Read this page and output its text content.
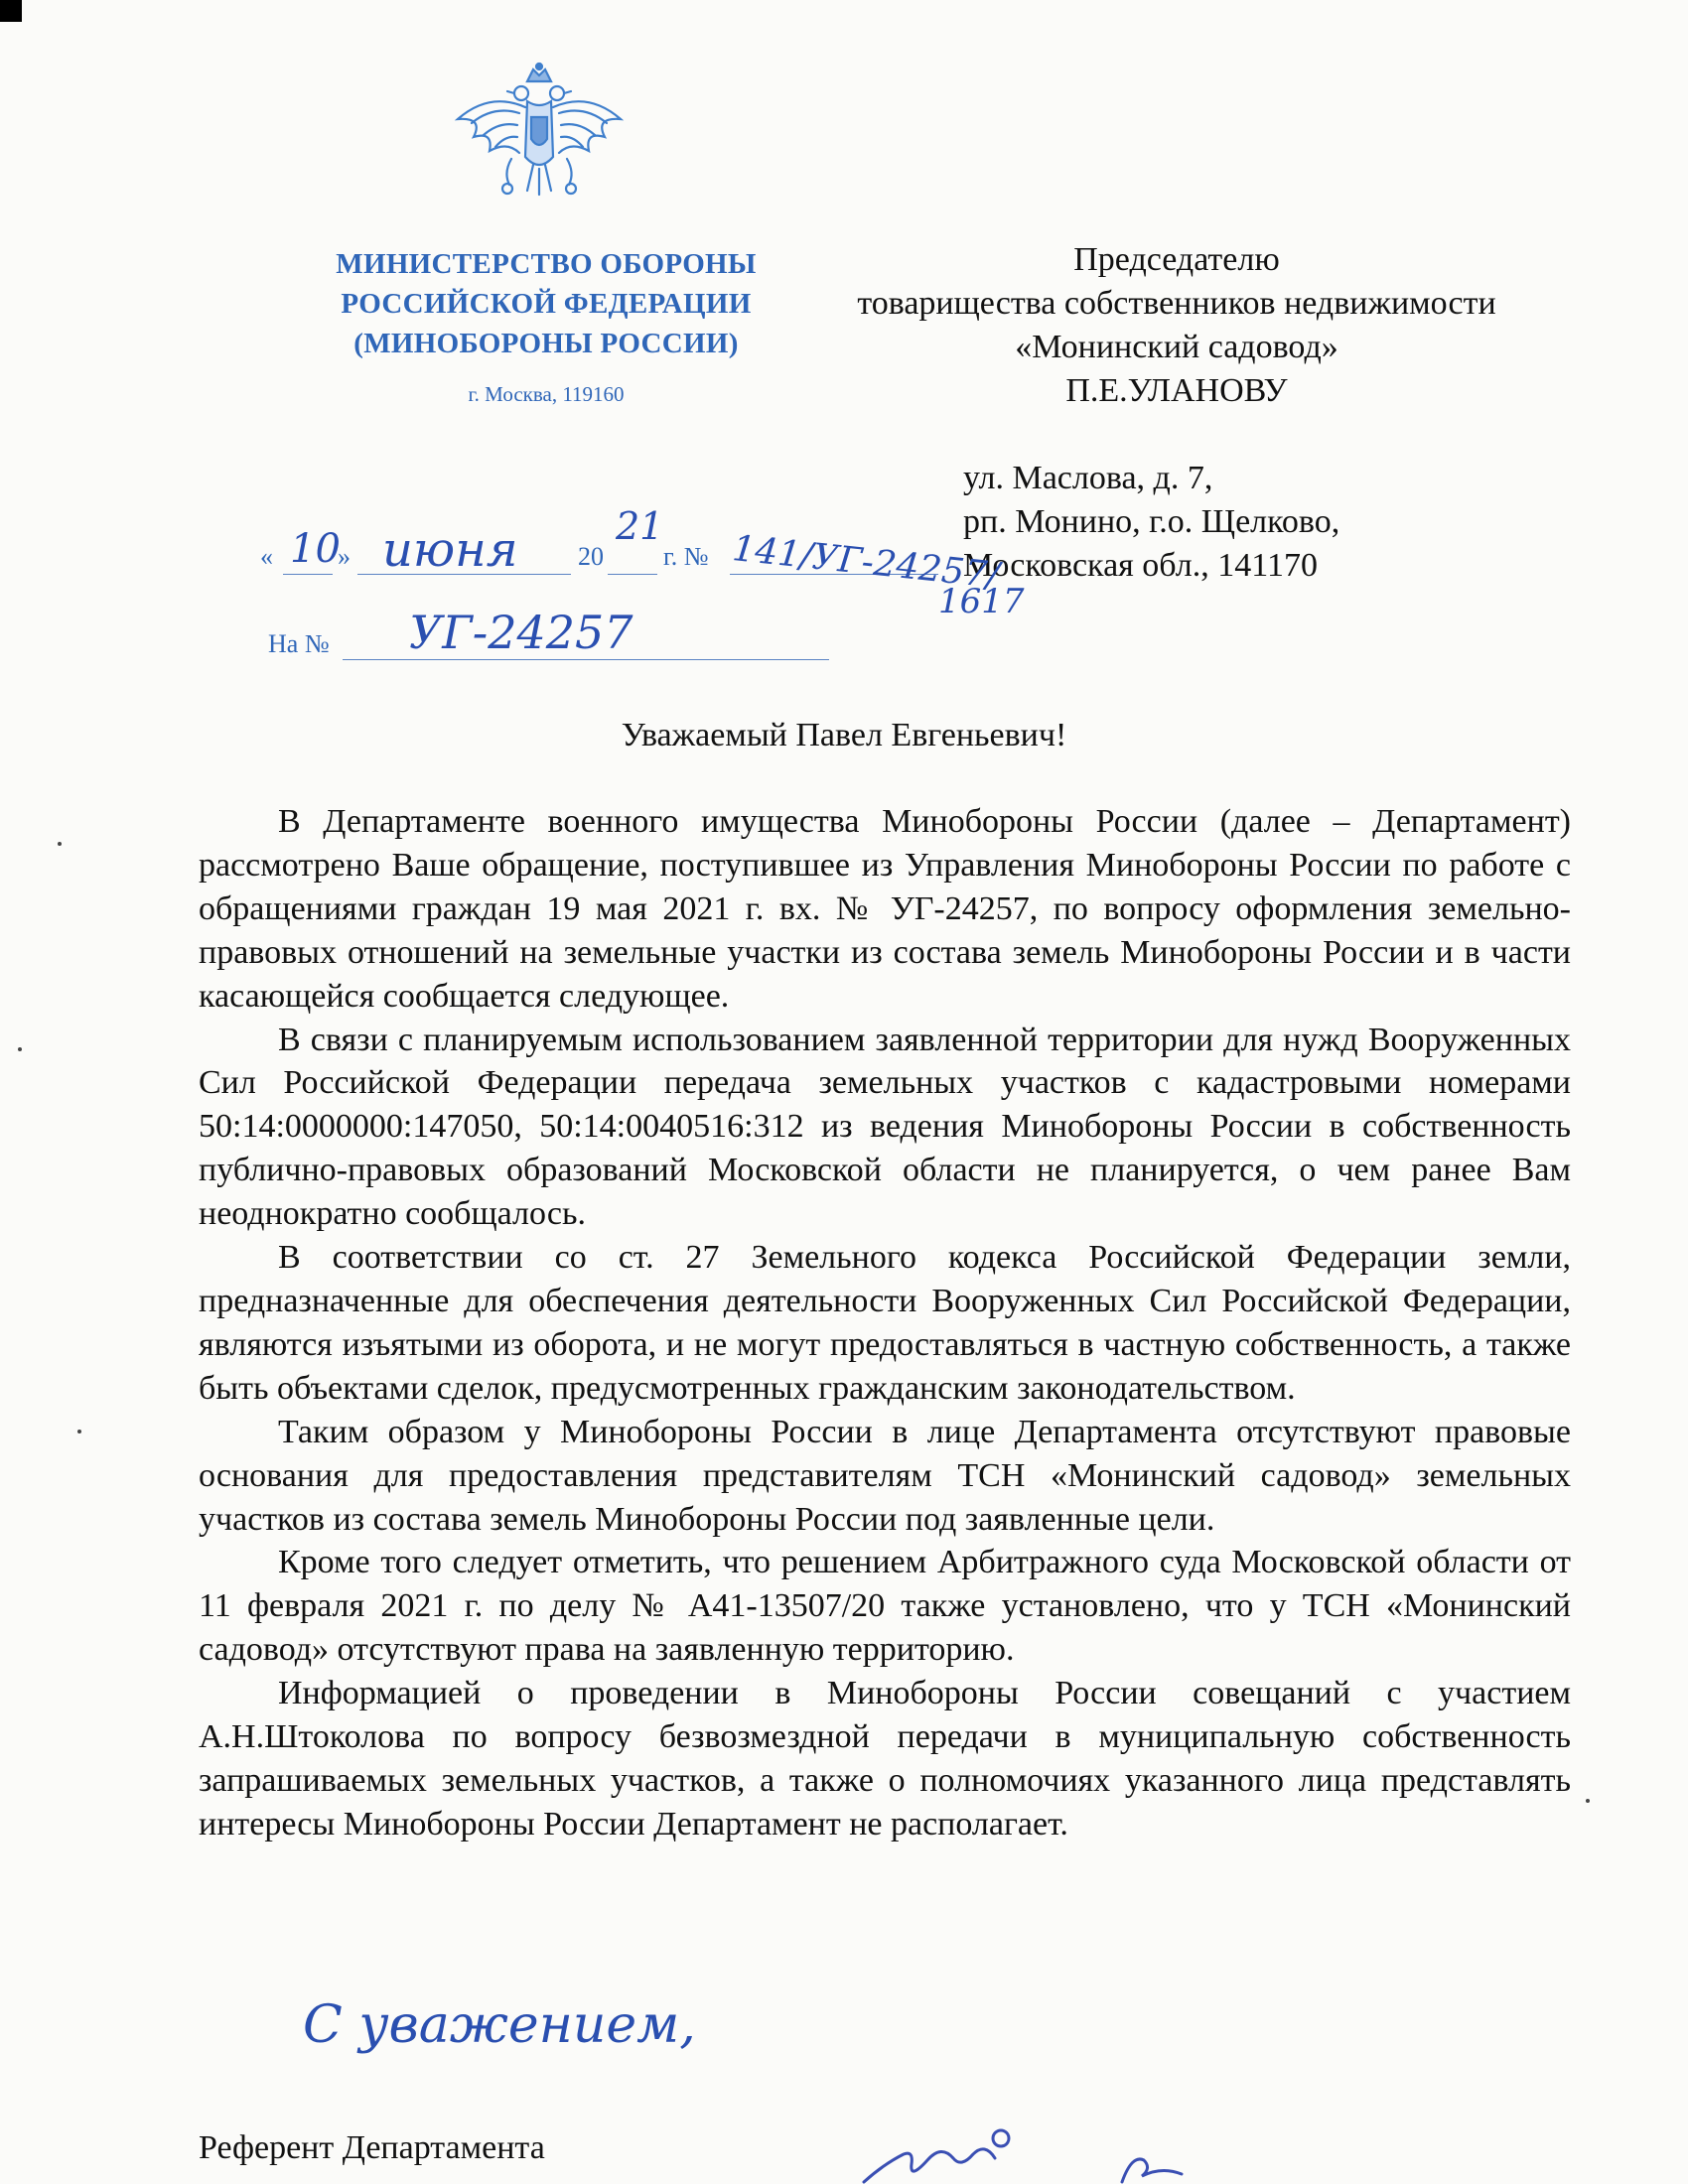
МИНИСТЕРСТВО ОБОРОНЫ
РОССИЙСКОЙ ФЕДЕРАЦИИ
(МИНОБОРОНЫ РОССИИ)
г. Москва, 119160
Председателю
товарищества собственников недвижимости
«Монинский садовод»
П.Е.УЛАНОВУ
ул. Маслова, д. 7,
рп. Монино, г.о. Щелково,
Московская обл., 141170
«	»	20 г. №
На №
10 июня	21
141/УГ-24257/
1617
УГ-24257
Уважаемый Павел Евгеньевич!

В Департаменте военного имущества Минобороны России (далее – Департамент) рассмотрено Ваше обращение, поступившее из Управления Минобороны России по работе с обращениями граждан 19 мая 2021 г. вх. № УГ-24257, по вопросу оформления земельно-правовых отношений на земельные участки из состава земель Минобороны России и в части касающейся сообщается следующее.

В связи с планируемым использованием заявленной территории для нужд Вооруженных Сил Российской Федерации передача земельных участков с кадастровыми номерами 50:14:0000000:147050, 50:14:0040516:312 из ведения Минобороны России в собственность публично-правовых образований Московской области не планируется, о чем ранее Вам неоднократно сообщалось.

В соответствии со ст. 27 Земельного кодекса Российской Федерации земли, предназначенные для обеспечения деятельности Вооруженных Сил Российской Федерации, являются изъятыми из оборота, и не могут предоставляться в частную собственность, а также быть объектами сделок, предусмотренных гражданским законодательством.

Таким образом у Минобороны России в лице Департамента отсутствуют правовые основания для предоставления представителям ТСН «Монинский садовод» земельных участков из состава земель Минобороны России под заявленные цели.

Кроме того следует отметить, что решением Арбитражного суда Московской области от 11 февраля 2021 г. по делу № А41-13507/20 также установлено, что у ТСН «Монинский садовод» отсутствуют права на заявленную территорию.

Информацией о проведении в Минобороны России совещаний с участием А.Н.Штоколова по вопросу безвозмездной передачи в муниципальную собственность запрашиваемых земельных участков, а также о полномочиях указанного лица представлять интересы Минобороны России Департамент не располагает.

С уважением,
Референт Департамента
